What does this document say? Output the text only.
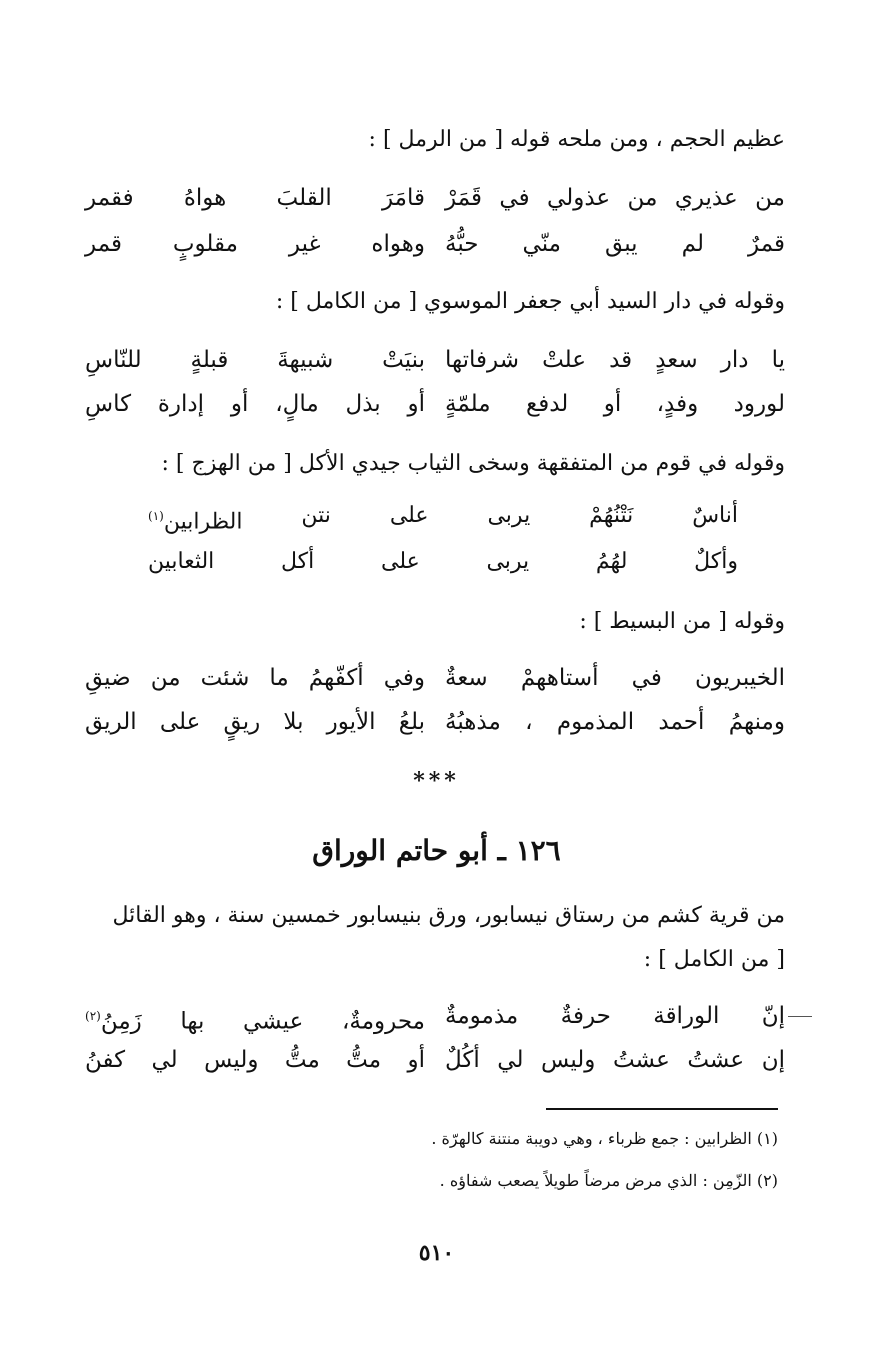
عظيم الحجم ، ومن ملحه قوله [ من الرمل ] :
من عذيري من عذولي في قَمَرْ
قامَرَ القلبَ هواهُ فقمر
قمرٌ لم يبق منّي حبُّهُ
وهواه غير مقلوبٍ قمر
وقوله في دار السيد أبي جعفر الموسوي [ من الكامل ] :
يا دار سعدٍ قد علتْ شرفاتها
بنيَتْ شبيهةَ قبلةٍ للنّاسِ
لورود وفدٍ، أو لدفع ملمّةٍ
أو بذل مالٍ، أو إدارة كاسِ
وقوله في قوم من المتفقهة وسخى الثياب جيدي الأكل [ من الهزج ] :
أناسٌ
نَتْنُهُمْ
يربى
على
نتن
الظرابين$^{(١)}$
وأكلٌ
لهُمُ
يربى
على
أكل
الثعابين
وقوله [ من البسيط ] :
الخيبريون في أستاههمْ سعةٌ
وفي أكفّهمُ ما شئت من ضيقِ
ومنهمُ أحمد المذموم ، مذهبُهُ
بلعُ الأيور بلا ريقٍ على الريق
***
١٢٦ ـ أبو حاتم الوراق
من قرية كشم من رستاق نيسابور، ورق بنيسابور خمسين سنة ، وهو القائل
[ من الكامل ] :
إنّ الوراقة حرفةٌ مذمومةٌ
محرومةٌ، عيشي بها زَمِنُ$^{(٢)}$
إن عشتُ عشتُ وليس لي أكُلٌ
أو متُّ متُّ وليس لي كفنُ
(١) الظرابين : جمع ظرباء ، وهي دويبة منتنة كالهرّة .
(٢) الزّمِن : الذي مرض مرضاً طويلاً يصعب شفاؤه .
٥١٠
